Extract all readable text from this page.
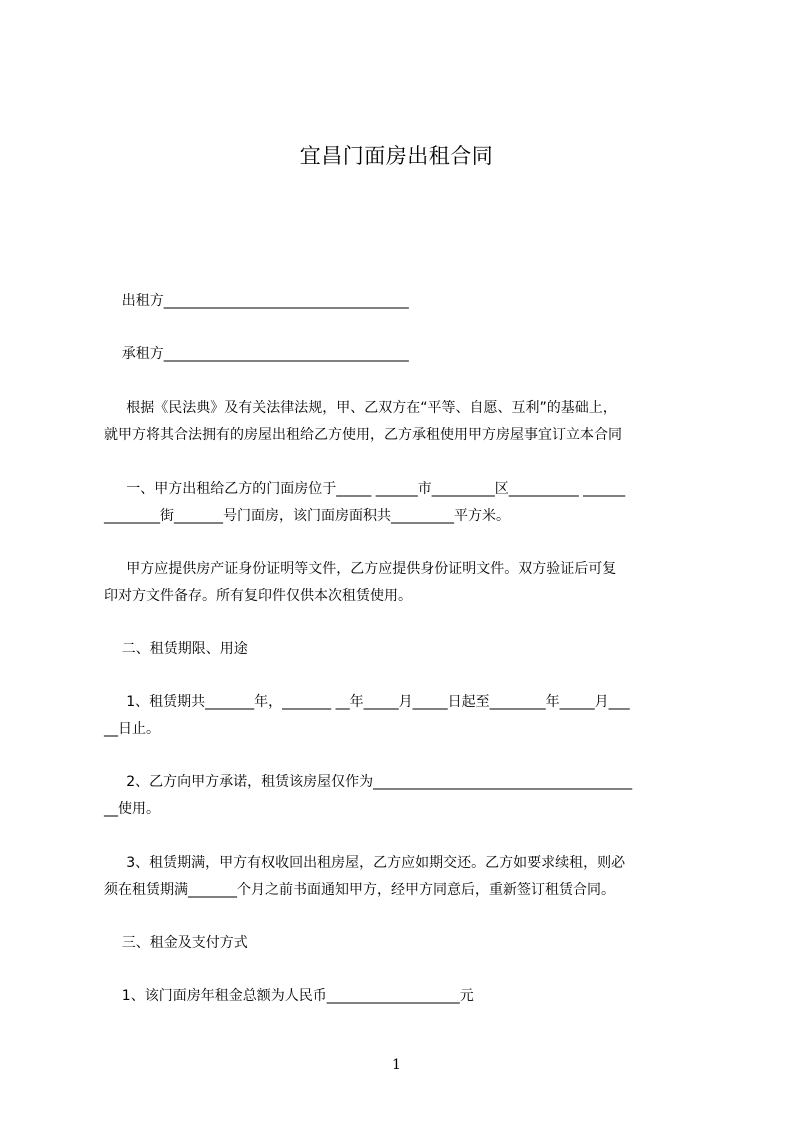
宜昌门面房出租合同
出租方___________________________________
承租方___________________________________
根据《民法典》及有关法律法规，甲、乙双方在“平等、自愿、互利”的基础上，
就甲方将其合法拥有的房屋出租给乙方使用，乙方承租使用甲方房屋事宜订立本合同
一、甲方出租给乙方的门面房位于_____ ______市_________区__________ ______
________街_______号门面房，该门面房面积共_________平方米。
甲方应提供房产证身份证明等文件，乙方应提供身份证明文件。双方验证后可复
印对方文件备存。所有复印件仅供本次租赁使用。
二、租赁期限、用途
1、租赁期共_______年，_______ __年_____月_____日起至________年_____月___
__日止。
2、乙方向甲方承诺，租赁该房屋仅作为_____________________________________
__使用。
3、租赁期满，甲方有权收回出租房屋，乙方应如期交还。乙方如要求续租，则必
须在租赁期满_______个月之前书面通知甲方，经甲方同意后，重新签订租赁合同。
三、租金及支付方式
1、该门面房年租金总额为人民币___________________元
1
